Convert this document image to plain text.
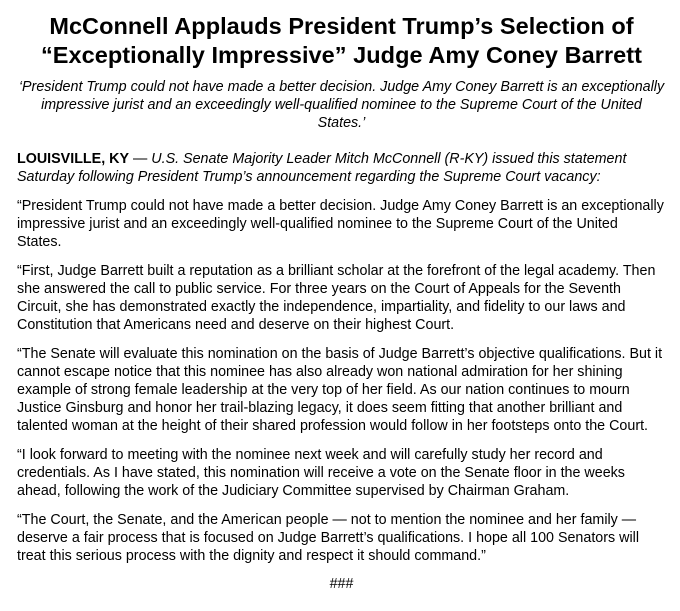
McConnell Applauds President Trump’s Selection of “Exceptionally Impressive” Judge Amy Coney Barrett

‘President Trump could not have made a better decision. Judge Amy Coney Barrett is an exceptionally impressive jurist and an exceedingly well-qualified nominee to the Supreme Court of the United States.’

LOUISVILLE, KY — U.S. Senate Majority Leader Mitch McConnell (R-KY) issued this statement Saturday following President Trump’s announcement regarding the Supreme Court vacancy:

“President Trump could not have made a better decision. Judge Amy Coney Barrett is an exceptionally impressive jurist and an exceedingly well-qualified nominee to the Supreme Court of the United States.

“First, Judge Barrett built a reputation as a brilliant scholar at the forefront of the legal academy. Then she answered the call to public service. For three years on the Court of Appeals for the Seventh Circuit, she has demonstrated exactly the independence, impartiality, and fidelity to our laws and Constitution that Americans need and deserve on their highest Court.

“The Senate will evaluate this nomination on the basis of Judge Barrett’s objective qualifications. But it cannot escape notice that this nominee has also already won national admiration for her shining example of strong female leadership at the very top of her field. As our nation continues to mourn Justice Ginsburg and honor her trail-blazing legacy, it does seem fitting that another brilliant and talented woman at the height of their shared profession would follow in her footsteps onto the Court.

“I look forward to meeting with the nominee next week and will carefully study her record and credentials. As I have stated, this nomination will receive a vote on the Senate floor in the weeks ahead, following the work of the Judiciary Committee supervised by Chairman Graham.

“The Court, the Senate, and the American people — not to mention the nominee and her family — deserve a fair process that is focused on Judge Barrett’s qualifications. I hope all 100 Senators will treat this serious process with the dignity and respect it should command.”

###
